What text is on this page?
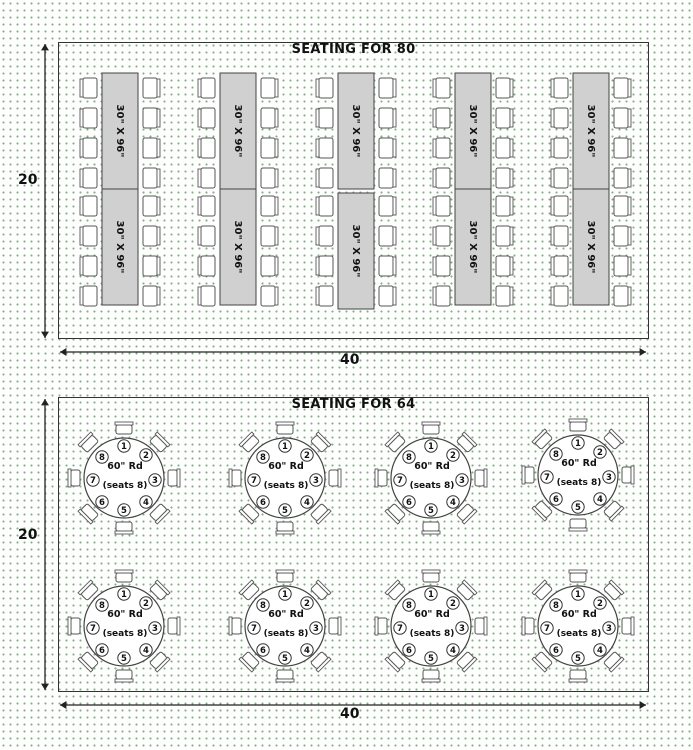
SEATING FOR 80
20
40
SEATING FOR 64
20
40
30" X 96"
30" X 96"
30" X 96"
30" X 96"
30" X 96"
30" X 96"
30" X 96"
30" X 96"
30" X 96"
30" X 96"
1
2
3
4
5
6
7
8
60" Rd
(seats 8)
1
2
3
4
5
6
7
8
60" Rd
(seats 8)
1
2
3
4
5
6
7
8
60" Rd
(seats 8)
1
2
3
4
5
6
7
8
60" Rd
(seats 8)
1
2
3
4
5
6
7
8
60" Rd
(seats 8)
1
2
3
4
5
6
7
8
60" Rd
(seats 8)
1
2
3
4
5
6
7
8
60" Rd
(seats 8)
1
2
3
4
5
6
7
8
60" Rd
(seats 8)
